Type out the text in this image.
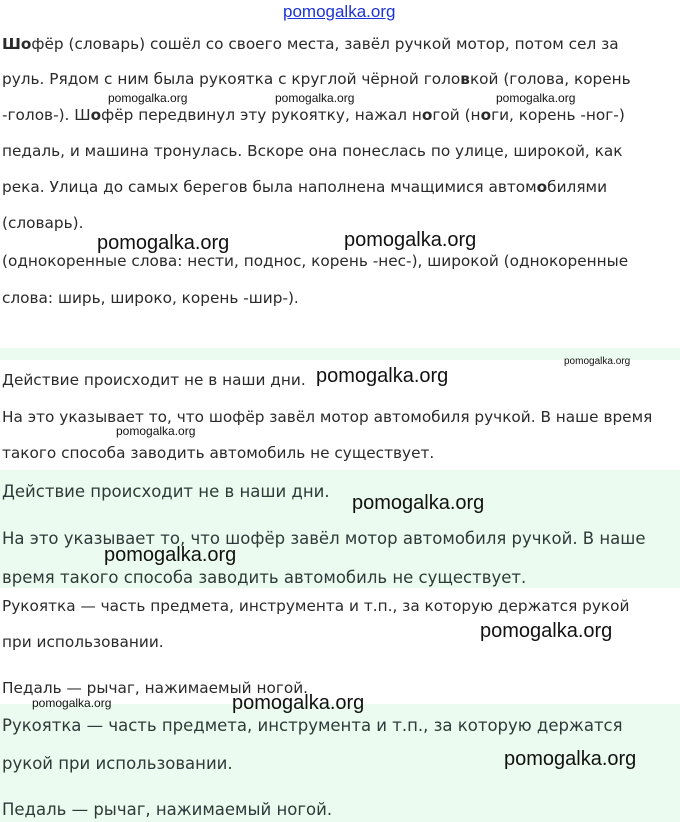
pomogalka.org
Шофёр (словарь) сошёл со своего места, завёл ручкой мотор, потом сел за
руль. Рядом с ним была рукоятка с круглой чёрной головкой (голова, корень
-голов-). Шофёр передвинул эту рукоятку, нажал ногой (ноги, корень -ног-)
педаль, и машина тронулась. Вскоре она понеслась по улице, широкой, как
река. Улица до самых берегов была наполнена мчащимися автомобилями
(словарь).
(однокоренные слова: нести, поднос, корень -нес-), широкой (однокоренные
слова: ширь, широко, корень -шир-).
Действие происходит не в наши дни.
На это указывает то, что шофёр завёл мотор автомобиля ручкой. В наше время
такого способа заводить автомобиль не существует.
Действие происходит не в наши дни.
На это указывает то, что шофёр завёл мотор автомобиля ручкой. В наше
время такого способа заводить автомобиль не существует.
Рукоятка — часть предмета, инструмента и т.п., за которую держатся рукой
при использовании.
Педаль — рычаг, нажимаемый ногой.
Рукоятка — часть предмета, инструмента и т.п., за которую держатся
рукой при использовании.
Педаль — рычаг, нажимаемый ногой.
pomogalka.org	pomogalka.org	pomogalka.org
pomogalka.org	pomogalka.org
pomogalka.org
pomogalka.org
pomogalka.org
pomogalka.org
pomogalka.org
pomogalka.org
pomogalka.org	pomogalka.org
pomogalka.org
